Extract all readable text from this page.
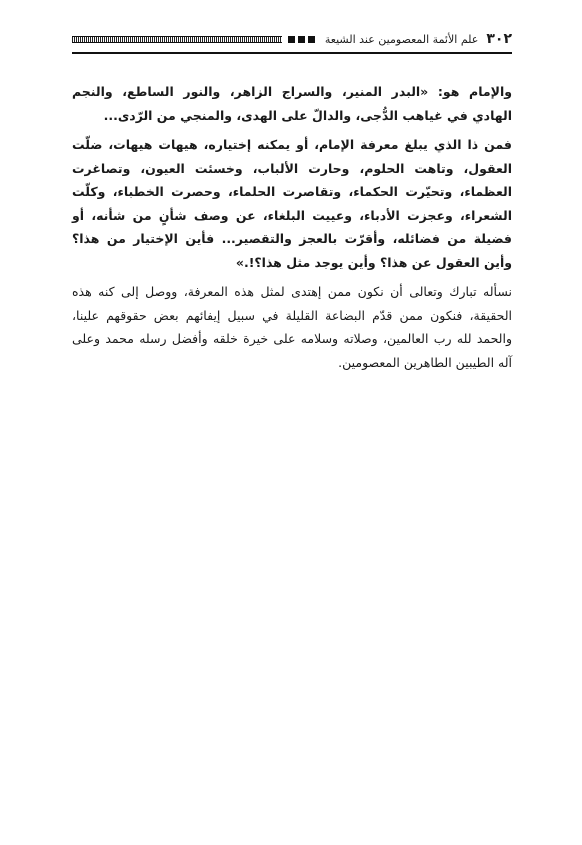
٣٠٢
علم الأئمة المعصومين عند الشيعة

والإمام هو: «البدر المنير، والسراج الزاهر، والنور الساطع، والنجم الهادي في غياهب الدُّجى، والدالّ على الهدى، والمنجي من الرّدى...

فمن ذا الذي يبلغ معرفة الإمام، أو يمكنه إختياره، هيهات هيهات، ضلّت العقول، وتاهت الحلوم، وحارت الألباب، وخسئت العيون، وتصاغرت العظماء، وتحيّرت الحكماء، وتقاصرت الحلماء، وحصرت الخطباء، وكلّت الشعراء، وعجزت الأدباء، وعييت البلغاء، عن وصف شأنٍ من شأنه، أو فضيلة من فضائله، وأقرّت بالعجز والتقصير... فأين الإختيار من هذا؟ وأين العقول عن هذا؟ وأين يوجد مثل هذا؟!.»

نسأله تبارك وتعالى أن نكون ممن إهتدى لمثل هذه المعرفة، ووصل إلى كنه هذه الحقيقة، فنكون ممن قدّم البضاعة القليلة في سبيل إيفائهم بعض حقوقهم علينا، والحمد لله رب العالمين، وصلاته وسلامه على خيرة خلقه وأفضل رسله محمد وعلى آله الطيبين الطاهرين المعصومين.
